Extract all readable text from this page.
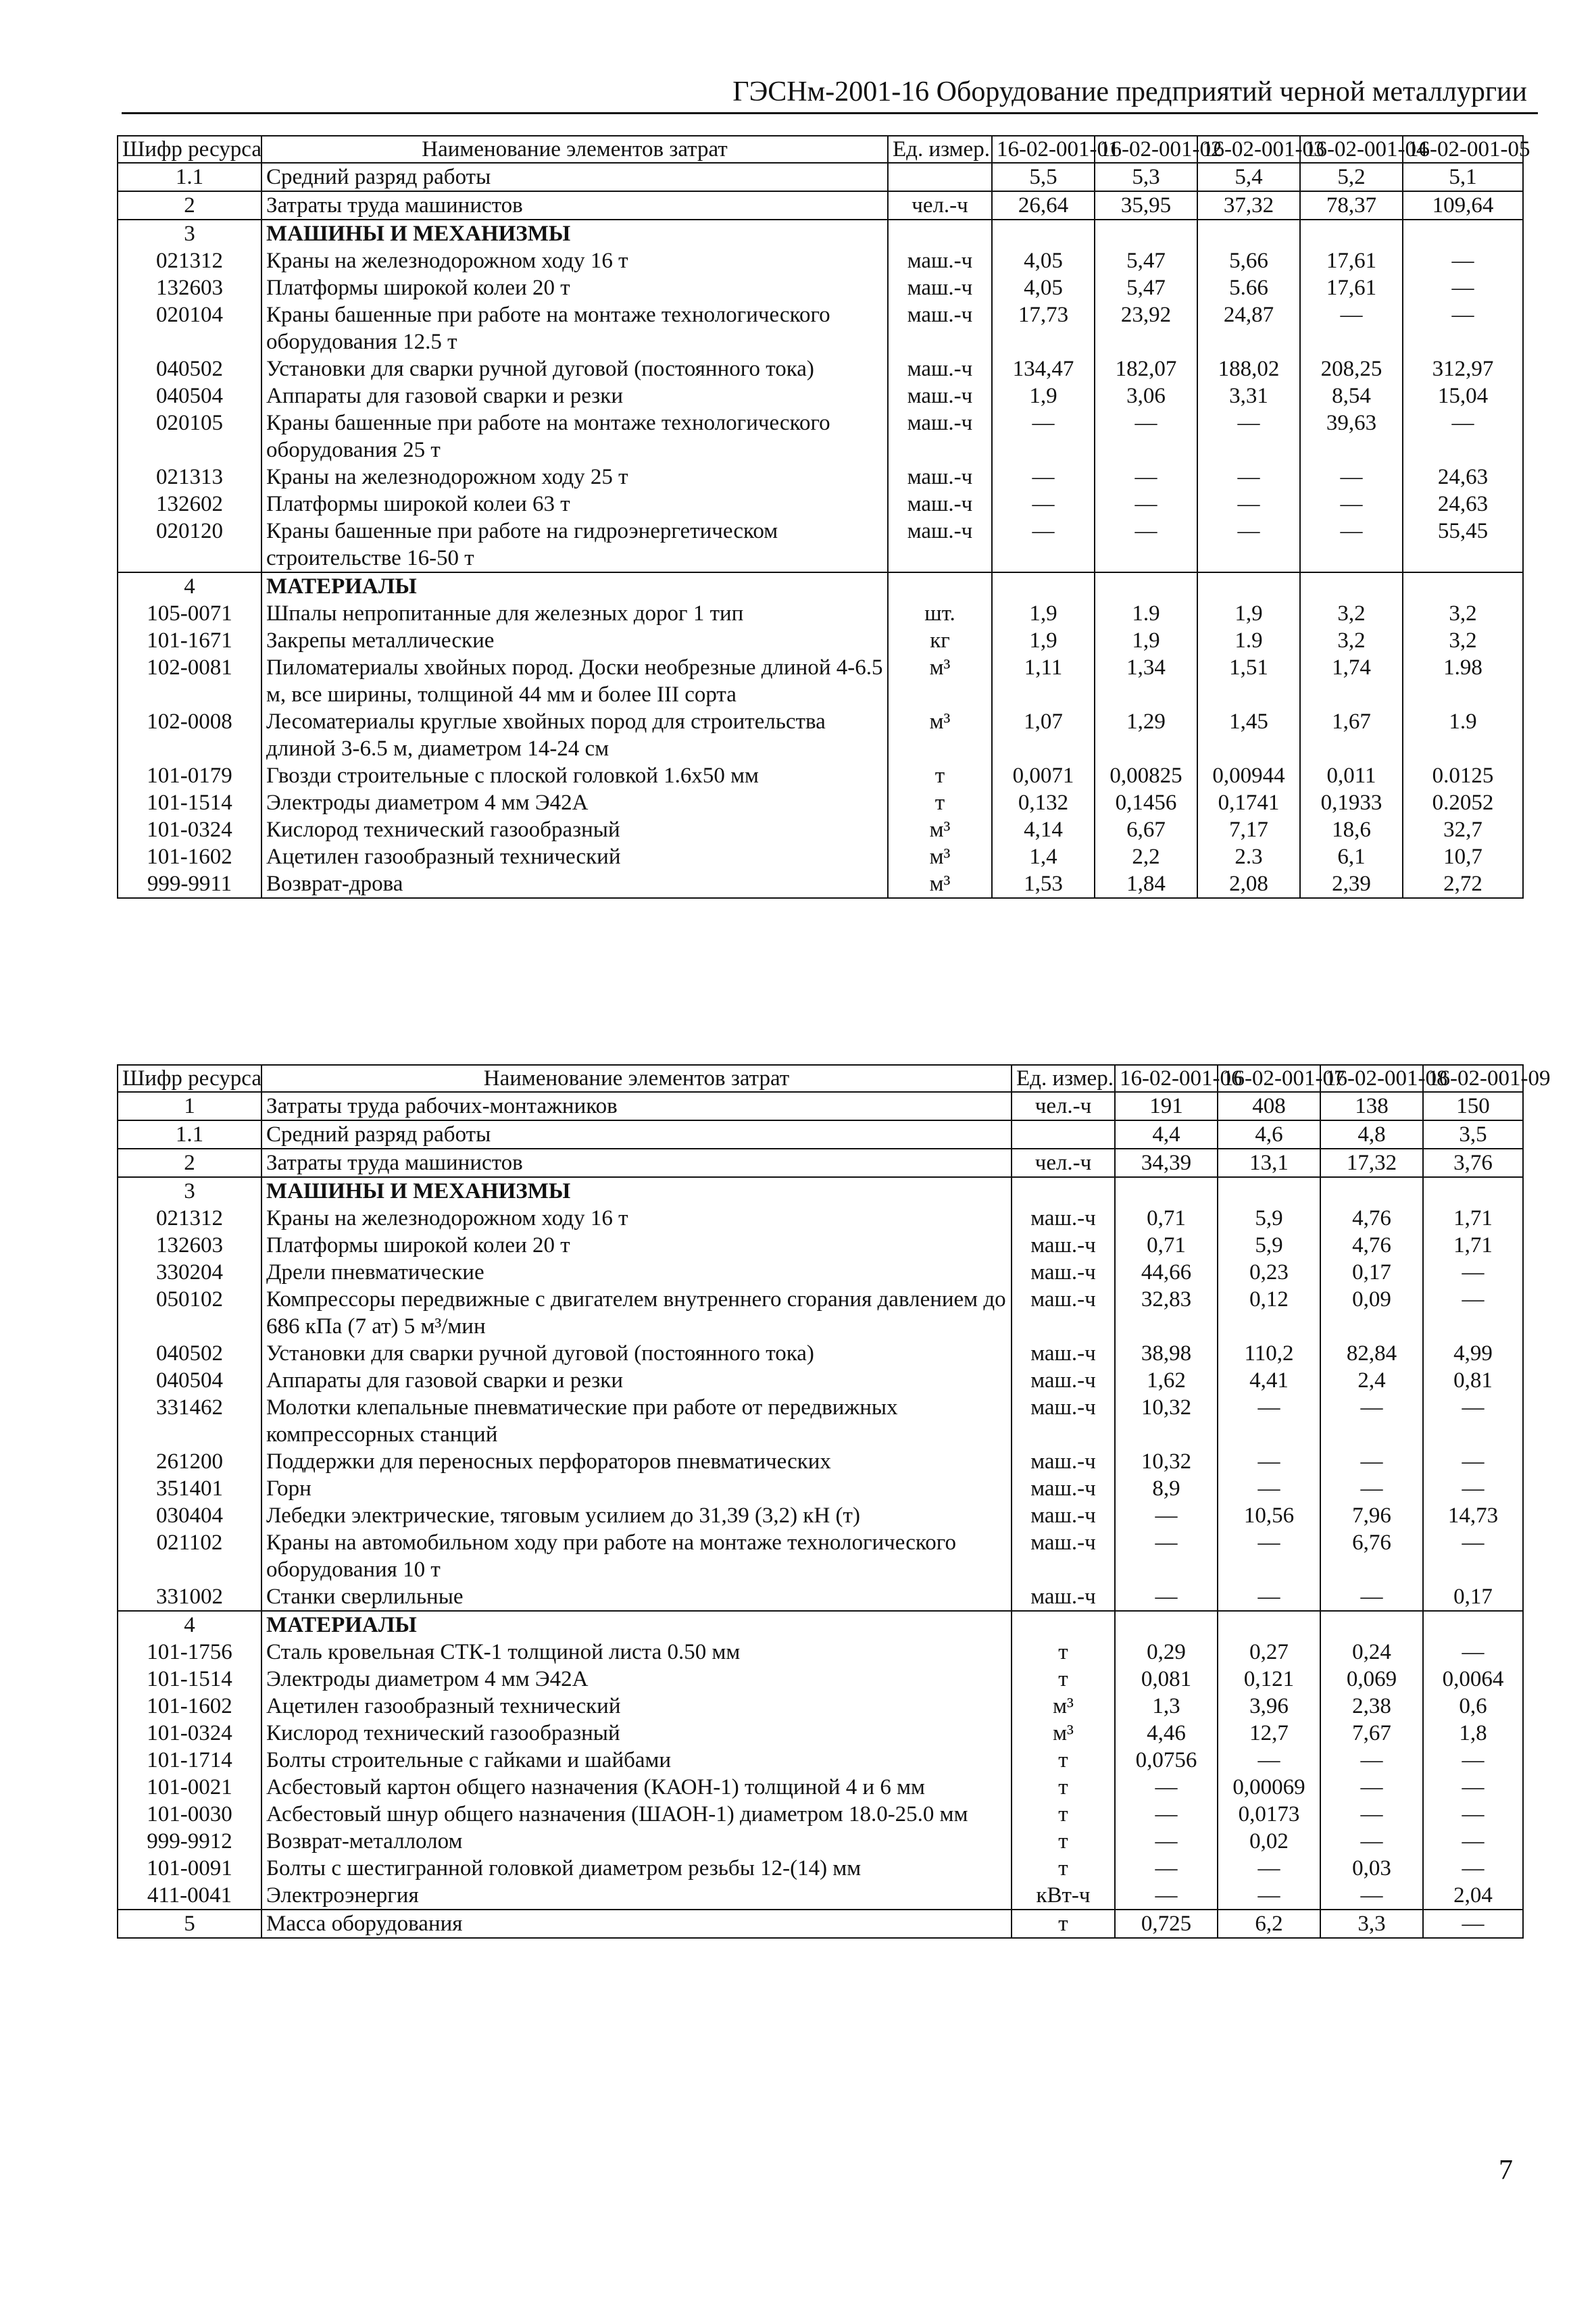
ГЭСНм-2001-16 Оборудование предприятий черной металлургии
Шифр ресурса	Наименование элементов затрат	Ед. измер.	16-02-001-01	16-02-001-02	16-02-001-03	16-02-001-04	16-02-001-05
1.1	Средний разряд работы		5,5	5,3	5,4	5,2	5,1
2	Затраты труда машинистов	чел.-ч	26,64	35,95	37,32	78,37	109,64
3	МАШИНЫ И МЕХАНИЗМЫ						
021312	Краны на железнодорожном ходу 16 т	маш.-ч	4,05	5,47	5,66	17,61	—
132603	Платформы широкой колеи 20 т	маш.-ч	4,05	5,47	5.66	17,61	—
020104	Краны башенные при работе на монтаже технологического оборудования 12.5 т	маш.-ч	17,73	23,92	24,87	—	—
040502	Установки для сварки ручной дуговой (постоянного тока)	маш.-ч	134,47	182,07	188,02	208,25	312,97
040504	Аппараты для газовой сварки и резки	маш.-ч	1,9	3,06	3,31	8,54	15,04
020105	Краны башенные при работе на монтаже технологического оборудования 25 т	маш.-ч	—	—	—	39,63	—
021313	Краны на железнодорожном ходу 25 т	маш.-ч	—	—	—	—	24,63
132602	Платформы широкой колеи 63 т	маш.-ч	—	—	—	—	24,63
020120	Краны башенные при работе на гидроэнергетическом строительстве 16-50 т	маш.-ч	—	—	—	—	55,45
4	МАТЕРИАЛЫ						
105-0071	Шпалы непропитанные для железных дорог 1 тип	шт.	1,9	1.9	1,9	3,2	3,2
101-1671	Закрепы металлические	кг	1,9	1,9	1.9	3,2	3,2
102-0081	Пиломатериалы хвойных пород. Доски необрезные длиной 4-6.5 м, все ширины, толщиной 44 мм и более III сорта	м³	1,11	1,34	1,51	1,74	1.98
102-0008	Лесоматериалы круглые хвойных пород для строительства длиной 3-6.5 м, диаметром 14-24 см	м³	1,07	1,29	1,45	1,67	1.9
101-0179	Гвозди строительные с плоской головкой 1.6х50 мм	т	0,0071	0,00825	0,00944	0,011	0.0125
101-1514	Электроды диаметром 4 мм Э42А	т	0,132	0,1456	0,1741	0,1933	0.2052
101-0324	Кислород технический газообразный	м³	4,14	6,67	7,17	18,6	32,7
101-1602	Ацетилен газообразный технический	м³	1,4	2,2	2.3	6,1	10,7
999-9911	Возврат-дрова	м³	1,53	1,84	2,08	2,39	2,72
Шифр ресурса	Наименование элементов затрат	Ед. измер.	16-02-001-06	16-02-001-07	16-02-001-08	16-02-001-09
1	Затраты труда рабочих-монтажников	чел.-ч	191	408	138	150
1.1	Средний разряд работы		4,4	4,6	4,8	3,5
2	Затраты труда машинистов	чел.-ч	34,39	13,1	17,32	3,76
3	МАШИНЫ И МЕХАНИЗМЫ					
021312	Краны на железнодорожном ходу 16 т	маш.-ч	0,71	5,9	4,76	1,71
132603	Платформы широкой колеи 20 т	маш.-ч	0,71	5,9	4,76	1,71
330204	Дрели пневматические	маш.-ч	44,66	0,23	0,17	—
050102	Компрессоры передвижные с двигателем внутреннего сгорания давлением до 686 кПа (7 ат) 5 м³/мин	маш.-ч	32,83	0,12	0,09	—
040502	Установки для сварки ручной дуговой (постоянного тока)	маш.-ч	38,98	110,2	82,84	4,99
040504	Аппараты для газовой сварки и резки	маш.-ч	1,62	4,41	2,4	0,81
331462	Молотки клепальные пневматические при работе от передвижных компрессорных станций	маш.-ч	10,32	—	—	—
261200	Поддержки для переносных перфораторов пневматических	маш.-ч	10,32	—	—	—
351401	Горн	маш.-ч	8,9	—	—	—
030404	Лебедки электрические, тяговым усилием до 31,39 (3,2) кН (т)	маш.-ч	—	10,56	7,96	14,73
021102	Краны на автомобильном ходу при работе на монтаже технологического оборудования 10 т	маш.-ч	—	—	6,76	—
331002	Станки сверлильные	маш.-ч	—	—	—	0,17
4	МАТЕРИАЛЫ					
101-1756	Сталь кровельная СТК-1 толщиной листа 0.50 мм	т	0,29	0,27	0,24	—
101-1514	Электроды диаметром 4 мм Э42А	т	0,081	0,121	0,069	0,0064
101-1602	Ацетилен газообразный технический	м³	1,3	3,96	2,38	0,6
101-0324	Кислород технический газообразный	м³	4,46	12,7	7,67	1,8
101-1714	Болты строительные с гайками и шайбами	т	0,0756	—	—	—
101-0021	Асбестовый картон общего назначения (КАОН-1) толщиной 4 и 6 мм	т	—	0,00069	—	—
101-0030	Асбестовый шнур общего назначения (ШАОН-1) диаметром 18.0-25.0 мм	т	—	0,0173	—	—
999-9912	Возврат-металлолом	т	—	0,02	—	—
101-0091	Болты с шестигранной головкой диаметром резьбы 12-(14) мм	т	—	—	0,03	—
411-0041	Электроэнергия	кВт-ч	—	—	—	2,04
5	Масса оборудования	т	0,725	6,2	3,3	—
7
